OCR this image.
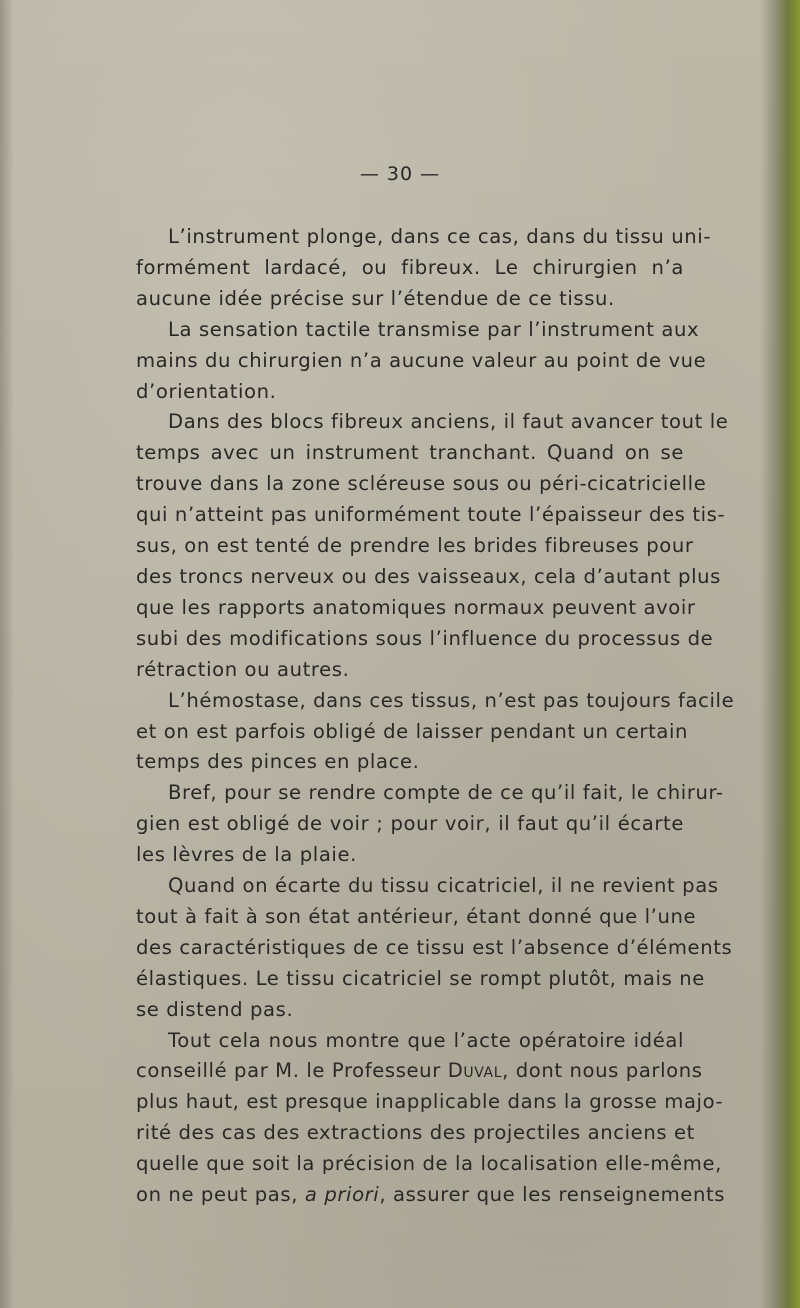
— 30 —
L’instrument plonge, dans ce cas, dans du tissu uni-
formément lardacé, ou fibreux. Le chirurgien n’a
aucune idée précise sur l’étendue de ce tissu.
La sensation tactile transmise par l’instrument aux
mains du chirurgien n’a aucune valeur au point de vue
d’orientation.
Dans des blocs fibreux anciens, il faut avancer tout le
temps avec un instrument tranchant. Quand on se
trouve dans la zone scléreuse sous ou péri-cicatricielle
qui n’atteint pas uniformément toute l’épaisseur des tis-
sus, on est tenté de prendre les brides fibreuses pour
des troncs nerveux ou des vaisseaux, cela d’autant plus
que les rapports anatomiques normaux peuvent avoir
subi des modifications sous l’influence du processus de
rétraction ou autres.
L’hémostase, dans ces tissus, n’est pas toujours facile
et on est parfois obligé de laisser pendant un certain
temps des pinces en place.
Bref, pour se rendre compte de ce qu’il fait, le chirur-
gien est obligé de voir ; pour voir, il faut qu’il écarte
les lèvres de la plaie.
Quand on écarte du tissu cicatriciel, il ne revient pas
tout à fait à son état antérieur, étant donné que l’une
des caractéristiques de ce tissu est l’absence d’éléments
élastiques. Le tissu cicatriciel se rompt plutôt, mais ne
se distend pas.
Tout cela nous montre que l’acte opératoire idéal
conseillé par M. le Professeur Duval, dont nous parlons
plus haut, est presque inapplicable dans la grosse majo-
rité des cas des extractions des projectiles anciens et
quelle que soit la précision de la localisation elle-même,
on ne peut pas, a priori, assurer que les renseignements
